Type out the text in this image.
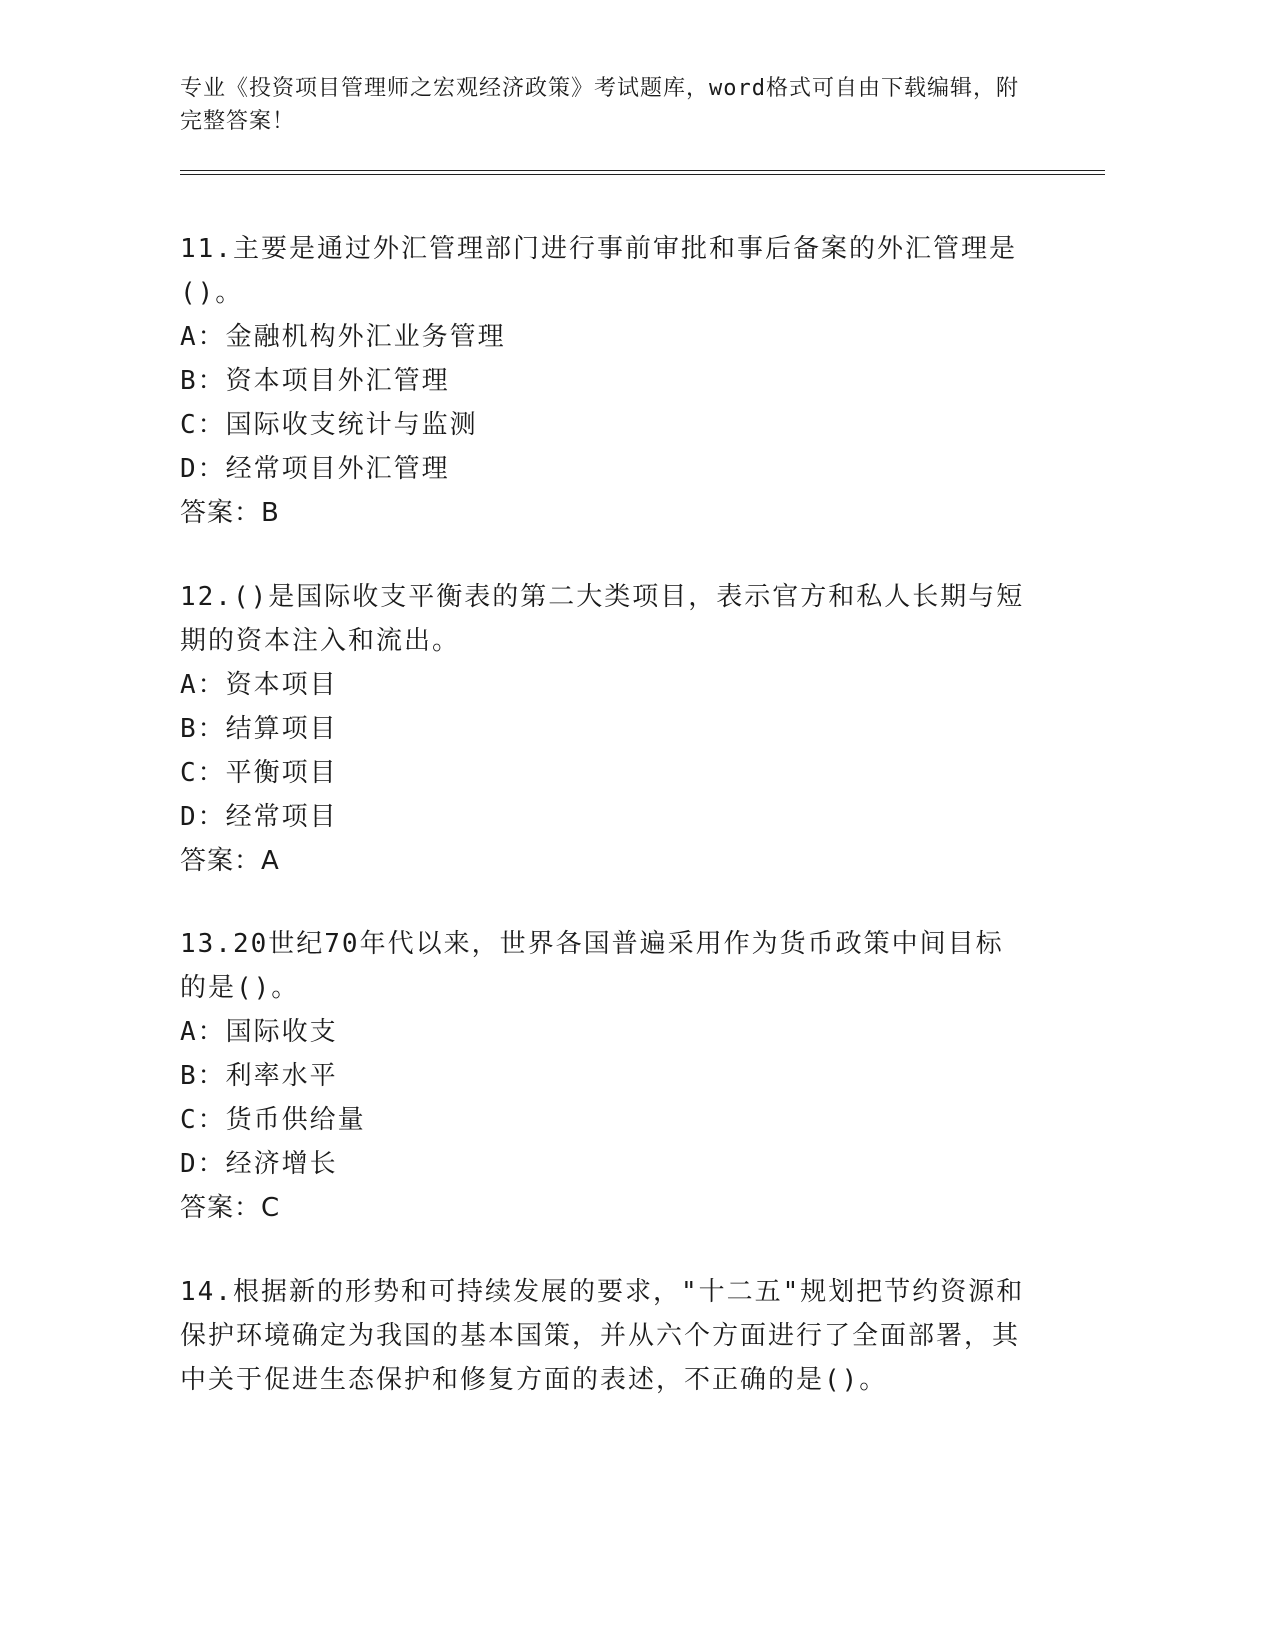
专业《投资项目管理师之宏观经济政策》考试题库，word格式可自由下载编辑，附完整答案！

11.主要是通过外汇管理部门进行事前审批和事后备案的外汇管理是()。

A：金融机构外汇业务管理

B：资本项目外汇管理

C：国际收支统计与监测

D：经常项目外汇管理

答案：B

12.()是国际收支平衡表的第二大类项目，表示官方和私人长期与短期的资本注入和流出。

A：资本项目

B：结算项目

C：平衡项目

D：经常项目

答案：A

13.20世纪70年代以来，世界各国普遍采用作为货币政策中间目标的是()。

A：国际收支

B：利率水平

C：货币供给量

D：经济增长

答案：C

14.根据新的形势和可持续发展的要求，"十二五"规划把节约资源和保护环境确定为我国的基本国策，并从六个方面进行了全面部署，其中关于促进生态保护和修复方面的表述，不正确的是()。
